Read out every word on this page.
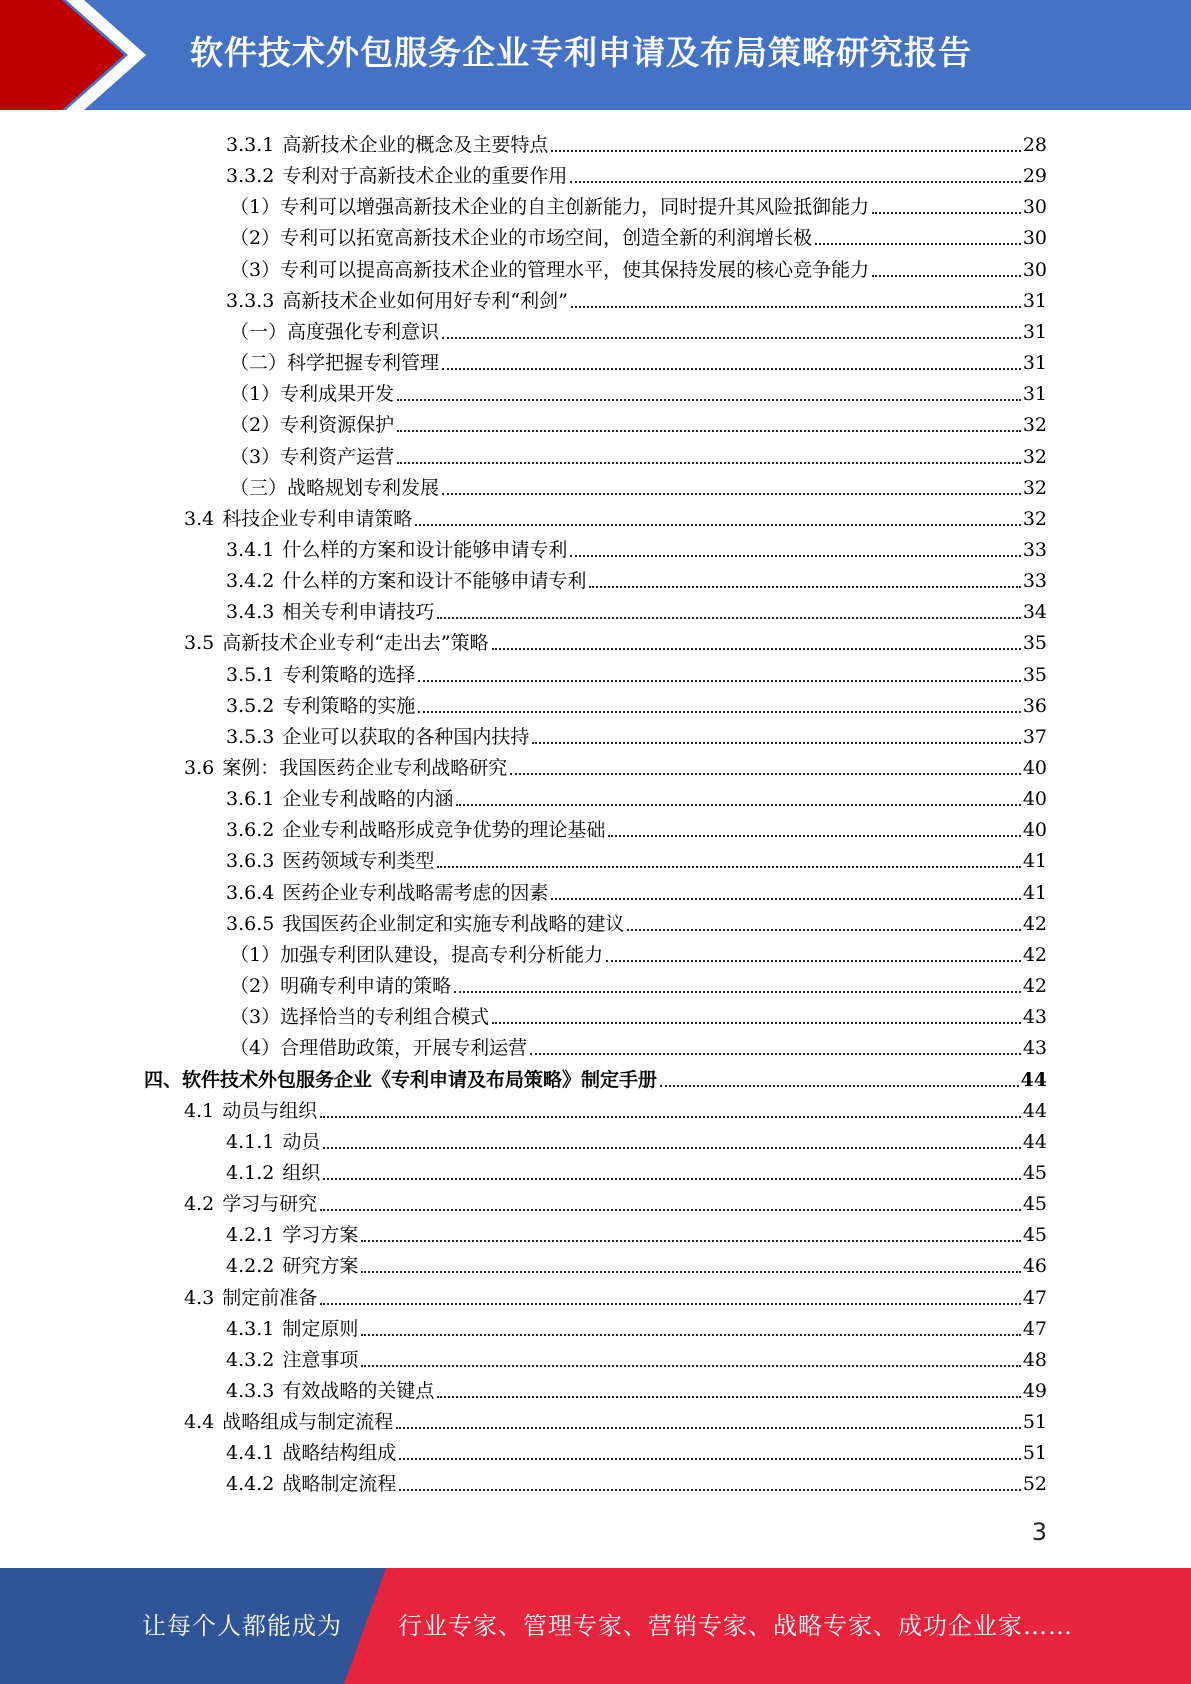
软件技术外包服务企业专利申请及布局策略研究报告
3.3.1 高新技术企业的概念及主要特点	28
3.3.2 专利对于高新技术企业的重要作用	29
（1）专利可以增强高新技术企业的自主创新能力，同时提升其风险抵御能力	30
（2）专利可以拓宽高新技术企业的市场空间，创造全新的利润增长极	30
（3）专利可以提高高新技术企业的管理水平，使其保持发展的核心竞争能力	30
3.3.3 高新技术企业如何用好专利“利剑”	31
（一）高度强化专利意识	31
（二）科学把握专利管理	31
（1）专利成果开发	31
（2）专利资源保护	32
（3）专利资产运营	32
（三）战略规划专利发展	32
3.4 科技企业专利申请策略	32
3.4.1 什么样的方案和设计能够申请专利	33
3.4.2 什么样的方案和设计不能够申请专利	33
3.4.3 相关专利申请技巧	34
3.5 高新技术企业专利“走出去”策略	35
3.5.1 专利策略的选择	35
3.5.2 专利策略的实施	36
3.5.3 企业可以获取的各种国内扶持	37
3.6 案例：我国医药企业专利战略研究	40
3.6.1 企业专利战略的内涵	40
3.6.2 企业专利战略形成竞争优势的理论基础	40
3.6.3 医药领域专利类型	41
3.6.4 医药企业专利战略需考虑的因素	41
3.6.5 我国医药企业制定和实施专利战略的建议	42
（1）加强专利团队建设，提高专利分析能力	42
（2）明确专利申请的策略	42
（3）选择恰当的专利组合模式	43
（4）合理借助政策，开展专利运营	43
四、软件技术外包服务企业《专利申请及布局策略》制定手册	44
4.1 动员与组织	44
4.1.1 动员	44
4.1.2 组织	45
4.2 学习与研究	45
4.2.1 学习方案	45
4.2.2 研究方案	46
4.3 制定前准备	47
4.3.1 制定原则	47
4.3.2 注意事项	48
4.3.3 有效战略的关键点	49
4.4 战略组成与制定流程	51
4.4.1 战略结构组成	51
4.4.2 战略制定流程	52
3
让每个人都能成为 行业专家、管理专家、营销专家、战略专家、成功企业家……
